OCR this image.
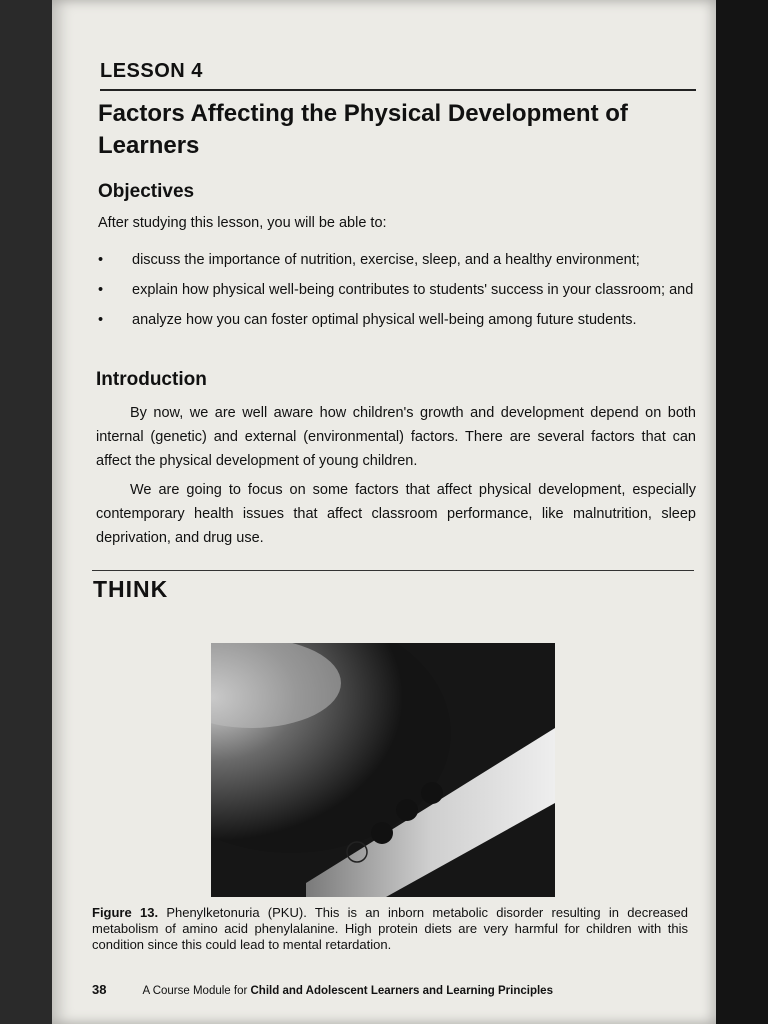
LESSON 4
Factors Affecting the Physical Development of Learners
Objectives
After studying this lesson, you will be able to:
• discuss the importance of nutrition, exercise, sleep, and a healthy environment;
• explain how physical well-being contributes to students' success in your classroom; and
• analyze how you can foster optimal physical well-being among future students.
Introduction

By now, we are well aware how children's growth and development depend on both internal (genetic) and external (environmental) factors. There are several factors that can affect the physical development of young children.

We are going to focus on some factors that affect physical development, especially contemporary health issues that affect classroom performance, like malnutrition, sleep deprivation, and drug use.

THINK

Figure 13. Phenylketonuria (PKU). This is an inborn metabolic disorder resulting in decreased metabolism of amino acid phenylalanine. High protein diets are very harmful for children with this condition since this could lead to mental retardation.

38	A Course Module for Child and Adolescent Learners and Learning Principles
